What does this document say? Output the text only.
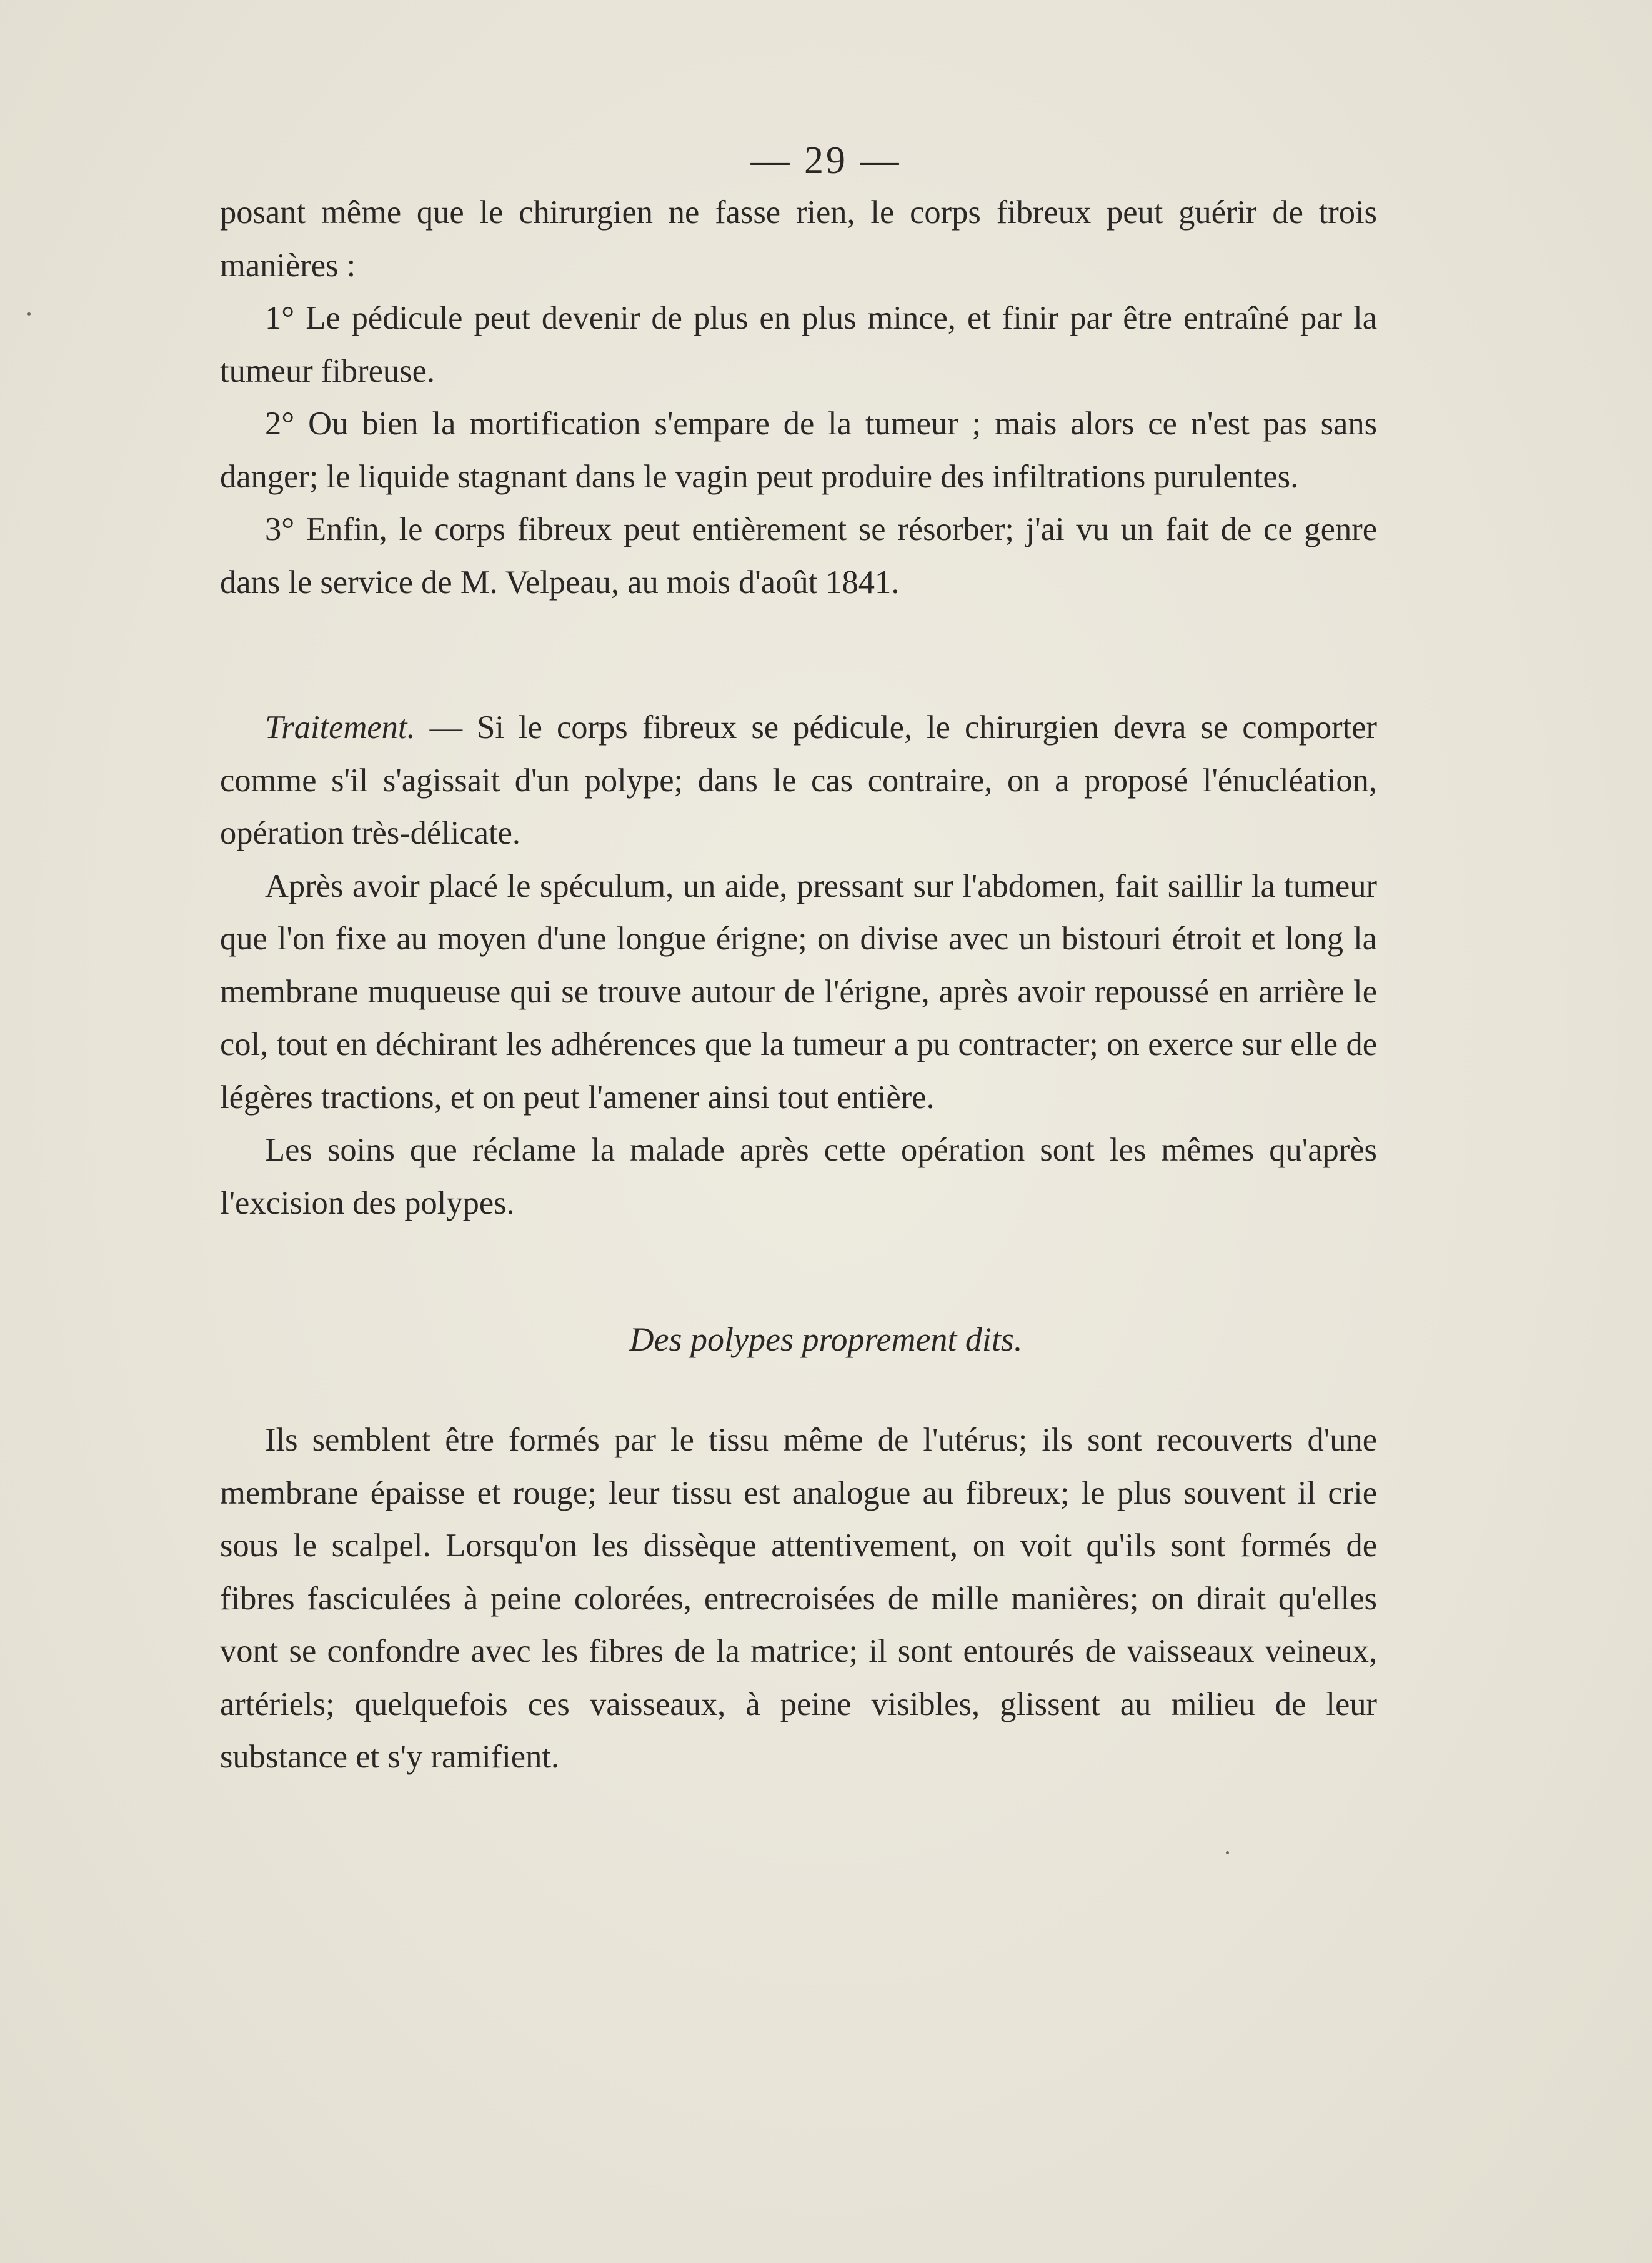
— 29 —

posant même que le chirurgien ne fasse rien, le corps fibreux peut guérir de trois manières :

1° Le pédicule peut devenir de plus en plus mince, et finir par être entraîné par la tumeur fibreuse.

2° Ou bien la mortification s'empare de la tumeur ; mais alors ce n'est pas sans danger; le liquide stagnant dans le vagin peut produire des infiltrations purulentes.

3° Enfin, le corps fibreux peut entièrement se résorber; j'ai vu un fait de ce genre dans le service de M. Velpeau, au mois d'août 1841.

Traitement. — Si le corps fibreux se pédicule, le chirurgien devra se comporter comme s'il s'agissait d'un polype; dans le cas contraire, on a proposé l'énucléation, opération très-délicate.

Après avoir placé le spéculum, un aide, pressant sur l'abdomen, fait saillir la tumeur que l'on fixe au moyen d'une longue érigne; on divise avec un bistouri étroit et long la membrane muqueuse qui se trouve autour de l'érigne, après avoir repoussé en arrière le col, tout en déchirant les adhérences que la tumeur a pu contracter; on exerce sur elle de légères tractions, et on peut l'amener ainsi tout entière.

Les soins que réclame la malade après cette opération sont les mêmes qu'après l'excision des polypes.

Des polypes proprement dits.

Ils semblent être formés par le tissu même de l'utérus; ils sont recouverts d'une membrane épaisse et rouge; leur tissu est analogue au fibreux; le plus souvent il crie sous le scalpel. Lorsqu'on les dissèque attentivement, on voit qu'ils sont formés de fibres fasciculées à peine colorées, entrecroisées de mille manières; on dirait qu'elles vont se confondre avec les fibres de la matrice; il sont entourés de vaisseaux veineux, artériels; quelquefois ces vaisseaux, à peine visibles, glissent au milieu de leur substance et s'y ramifient.
